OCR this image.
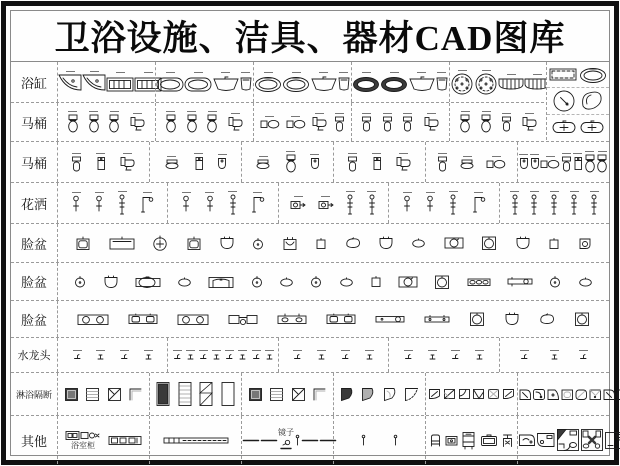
卫浴设施、洁具、器材CAD图库
浴缸
马桶
马桶
花洒
脸盆
脸盆
脸盆
水龙头
淋浴隔断
其他	浴室柜
镜子
